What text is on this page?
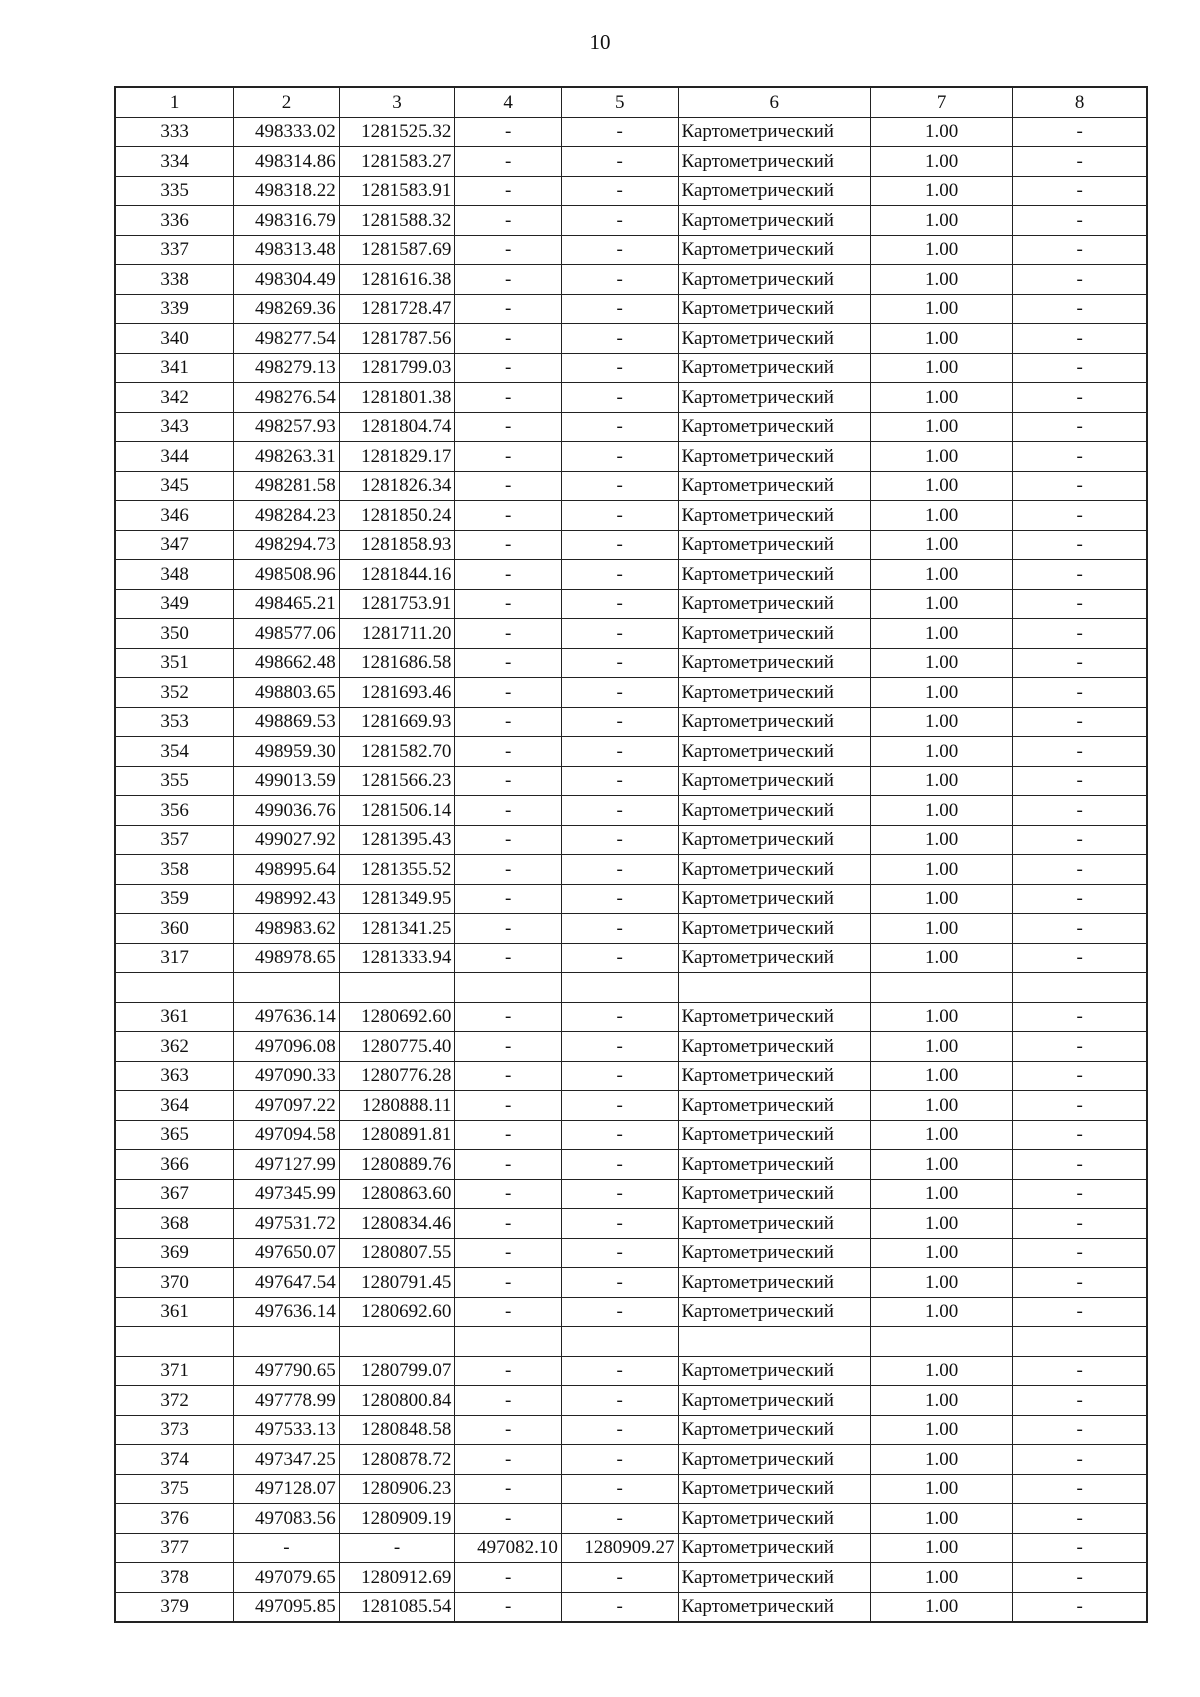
10
1	2	3	4	5	6	7	8
333	498333.02	1281525.32	-	-	Картометрический	1.00	-
334	498314.86	1281583.27	-	-	Картометрический	1.00	-
335	498318.22	1281583.91	-	-	Картометрический	1.00	-
336	498316.79	1281588.32	-	-	Картометрический	1.00	-
337	498313.48	1281587.69	-	-	Картометрический	1.00	-
338	498304.49	1281616.38	-	-	Картометрический	1.00	-
339	498269.36	1281728.47	-	-	Картометрический	1.00	-
340	498277.54	1281787.56	-	-	Картометрический	1.00	-
341	498279.13	1281799.03	-	-	Картометрический	1.00	-
342	498276.54	1281801.38	-	-	Картометрический	1.00	-
343	498257.93	1281804.74	-	-	Картометрический	1.00	-
344	498263.31	1281829.17	-	-	Картометрический	1.00	-
345	498281.58	1281826.34	-	-	Картометрический	1.00	-
346	498284.23	1281850.24	-	-	Картометрический	1.00	-
347	498294.73	1281858.93	-	-	Картометрический	1.00	-
348	498508.96	1281844.16	-	-	Картометрический	1.00	-
349	498465.21	1281753.91	-	-	Картометрический	1.00	-
350	498577.06	1281711.20	-	-	Картометрический	1.00	-
351	498662.48	1281686.58	-	-	Картометрический	1.00	-
352	498803.65	1281693.46	-	-	Картометрический	1.00	-
353	498869.53	1281669.93	-	-	Картометрический	1.00	-
354	498959.30	1281582.70	-	-	Картометрический	1.00	-
355	499013.59	1281566.23	-	-	Картометрический	1.00	-
356	499036.76	1281506.14	-	-	Картометрический	1.00	-
357	499027.92	1281395.43	-	-	Картометрический	1.00	-
358	498995.64	1281355.52	-	-	Картометрический	1.00	-
359	498992.43	1281349.95	-	-	Картометрический	1.00	-
360	498983.62	1281341.25	-	-	Картометрический	1.00	-
317	498978.65	1281333.94	-	-	Картометрический	1.00	-

361	497636.14	1280692.60	-	-	Картометрический	1.00	-
362	497096.08	1280775.40	-	-	Картометрический	1.00	-
363	497090.33	1280776.28	-	-	Картометрический	1.00	-
364	497097.22	1280888.11	-	-	Картометрический	1.00	-
365	497094.58	1280891.81	-	-	Картометрический	1.00	-
366	497127.99	1280889.76	-	-	Картометрический	1.00	-
367	497345.99	1280863.60	-	-	Картометрический	1.00	-
368	497531.72	1280834.46	-	-	Картометрический	1.00	-
369	497650.07	1280807.55	-	-	Картометрический	1.00	-
370	497647.54	1280791.45	-	-	Картометрический	1.00	-
361	497636.14	1280692.60	-	-	Картометрический	1.00	-

371	497790.65	1280799.07	-	-	Картометрический	1.00	-
372	497778.99	1280800.84	-	-	Картометрический	1.00	-
373	497533.13	1280848.58	-	-	Картометрический	1.00	-
374	497347.25	1280878.72	-	-	Картометрический	1.00	-
375	497128.07	1280906.23	-	-	Картометрический	1.00	-
376	497083.56	1280909.19	-	-	Картометрический	1.00	-
377	-	-	497082.10	1280909.27	Картометрический	1.00	-
378	497079.65	1280912.69	-	-	Картометрический	1.00	-
379	497095.85	1281085.54	-	-	Картометрический	1.00	-
